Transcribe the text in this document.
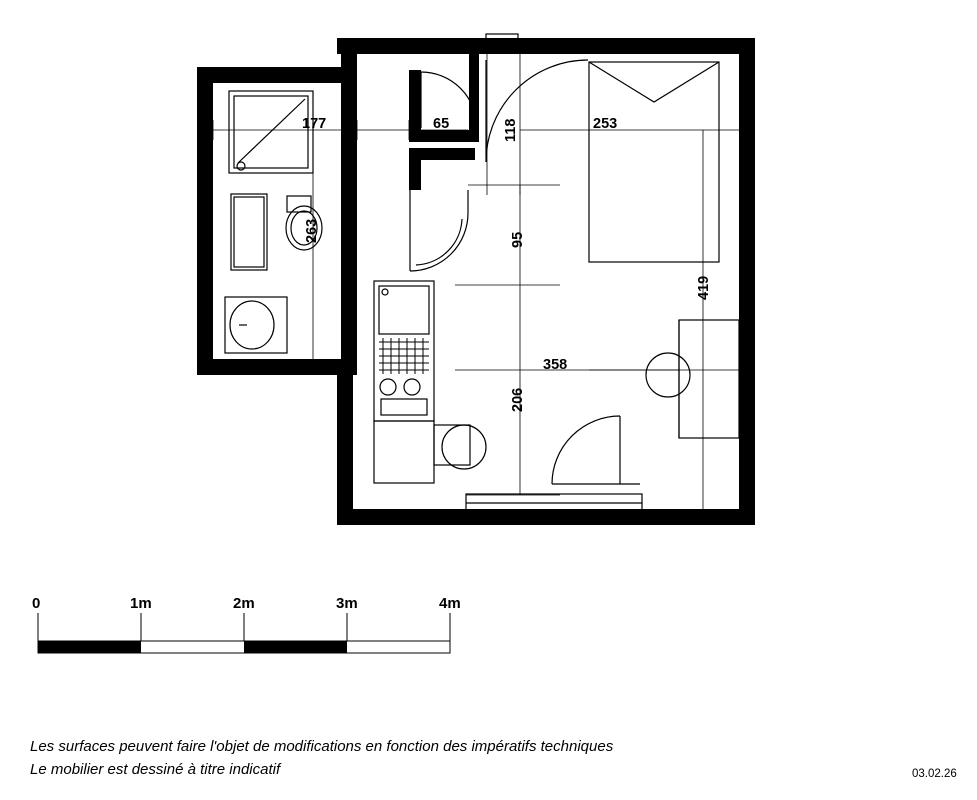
177	65	118	253
263	95
419
358
206
0	1m	2m	3m	4m
Les surfaces peuvent faire l'objet de modifications en fonction des impératifs techniques
Le mobilier est dessiné à titre indicatif	03.02.26
